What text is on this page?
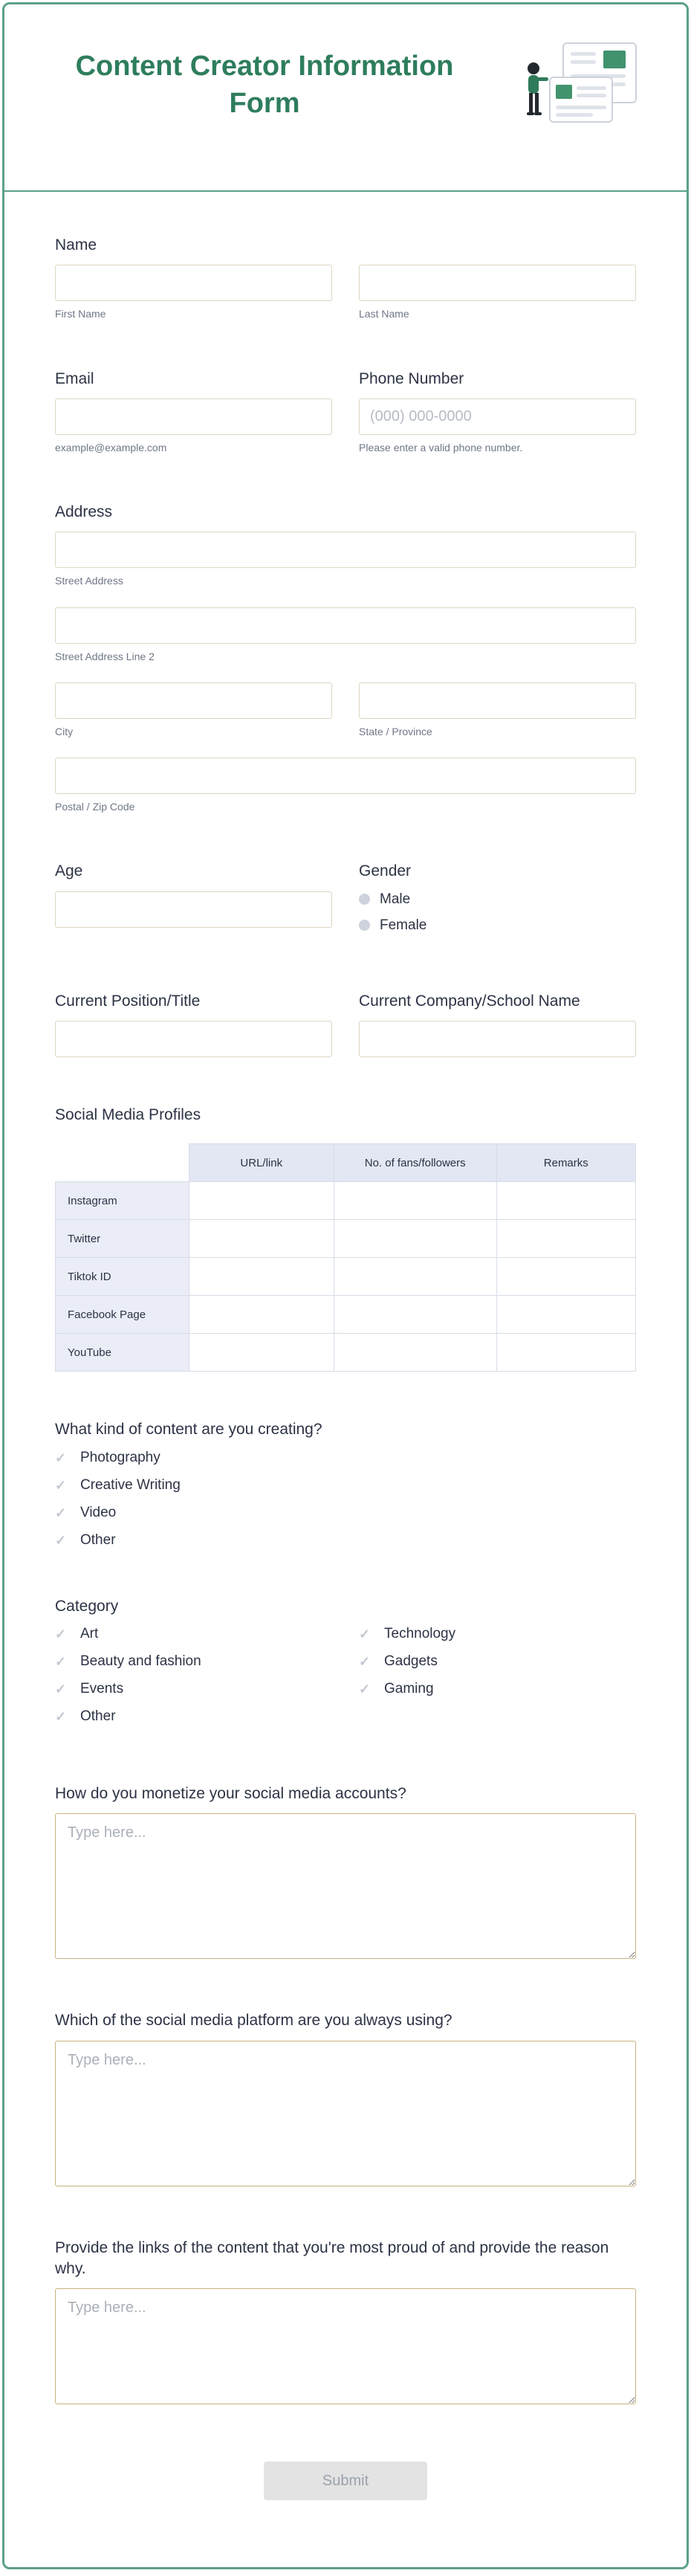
Content Creator Information Form
Name
First Name	Last Name
Email
example@example.com
Phone Number
(000) 000-0000
Please enter a valid phone number.
Address
Street Address
Street Address Line 2
City	State / Province
Postal / Zip Code
Age	Gender
Male
Female
Current Position/Title	Current Company/School Name
Social Media Profiles
	URL/link	No. of fans/followers	Remarks
Instagram			
Twitter			
Tiktok ID			
Facebook Page			
YouTube			
What kind of content are you creating?
✓ Photography
✓ Creative Writing
✓ Video
✓ Other
Category
✓ Art
✓ Beauty and fashion
✓ Events
✓ Other
✓ Technology
✓ Gadgets
✓ Gaming
How do you monetize your social media accounts?
Type here...
Which of the social media platform are you always using?
Type here...
Provide the links of the content that you're most proud of and provide the reason why.
Type here...
Submit
